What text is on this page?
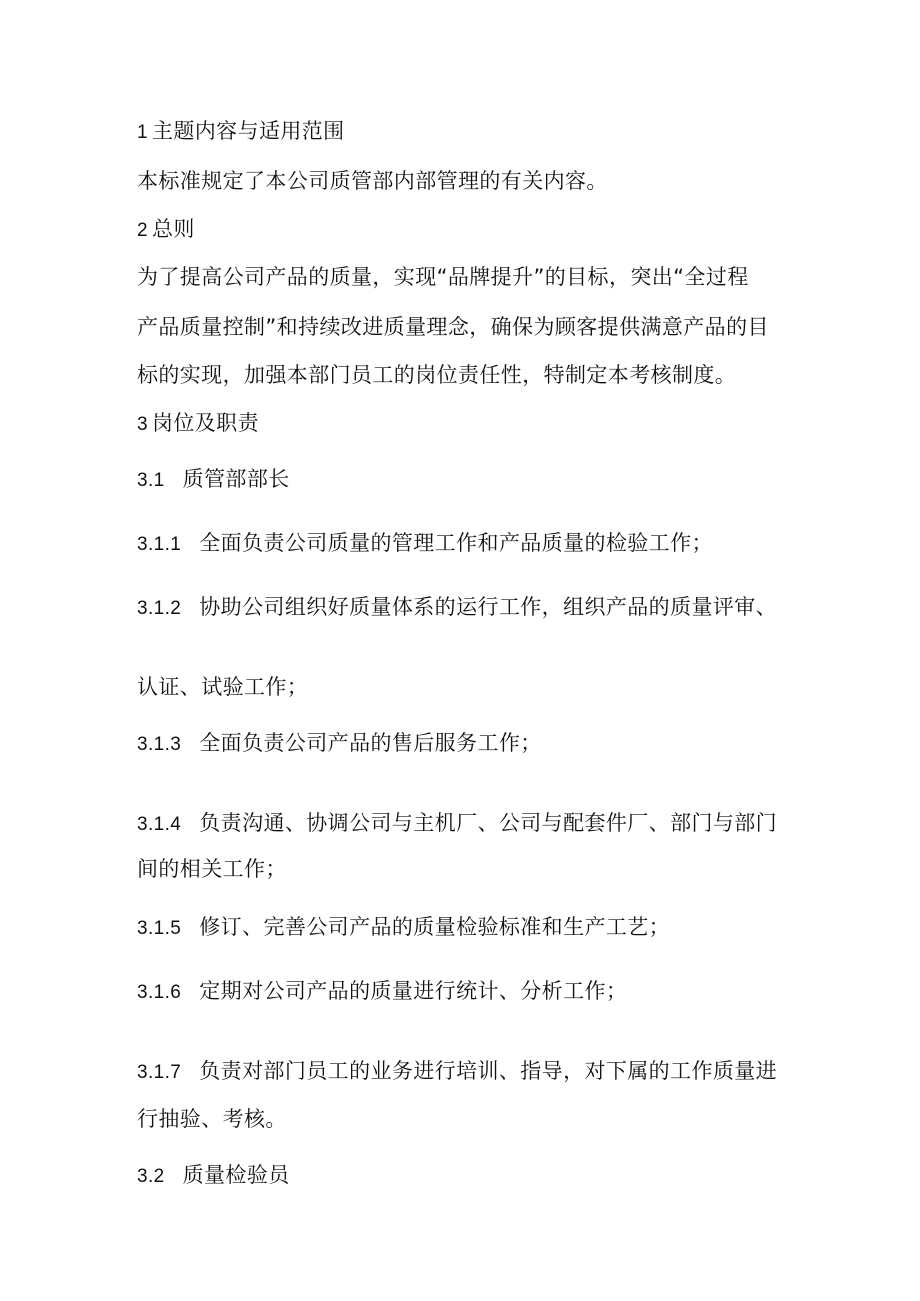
1 主题内容与适用范围
本标准规定了本公司质管部内部管理的有关内容。
2 总则
为了提高公司产品的质量，实现“品牌提升”的目标，突出“全过程
产品质量控制”和持续改进质量理念，确保为顾客提供满意产品的目
标的实现，加强本部门员工的岗位责任性，特制定本考核制度。
3 岗位及职责
3.1 质管部部长
3.1.1 全面负责公司质量的管理工作和产品质量的检验工作；
3.1.2 协助公司组织好质量体系的运行工作，组织产品的质量评审、
认证、试验工作；
3.1.3 全面负责公司产品的售后服务工作；
3.1.4 负责沟通、协调公司与主机厂、公司与配套件厂、部门与部门
间的相关工作；
3.1.5 修订、完善公司产品的质量检验标准和生产工艺；
3.1.6 定期对公司产品的质量进行统计、分析工作；
3.1.7 负责对部门员工的业务进行培训、指导，对下属的工作质量进
行抽验、考核。
3.2 质量检验员
